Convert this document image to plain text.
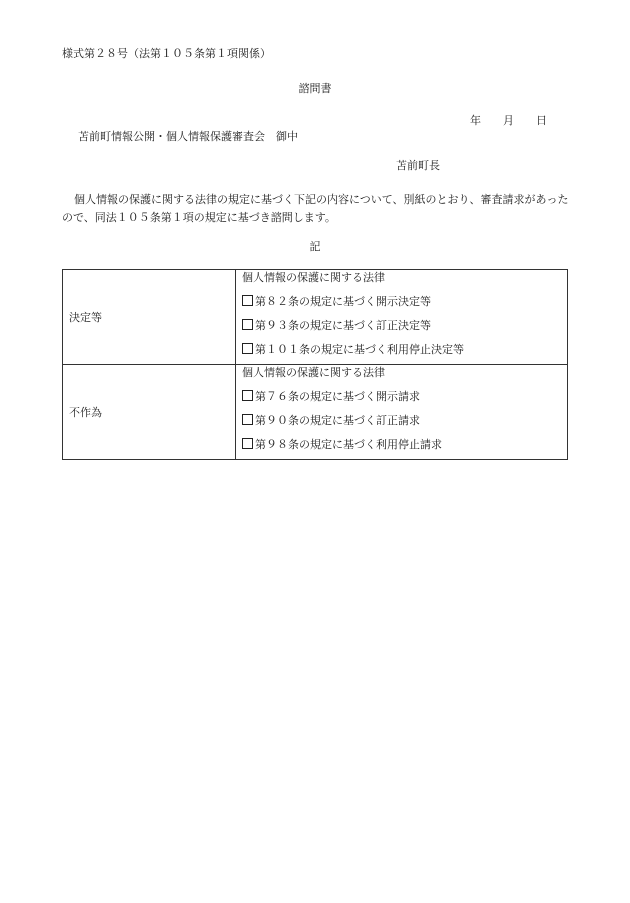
様式第２８号（法第１０５条第１項関係）
諮問書
年 月 日
苫前町情報公開・個人情報保護審査会　御中
苫前町長
個人情報の保護に関する法律の規定に基づく下記の内容について、別紙のとおり、審査請求があったので、同法１０５条第１項の規定に基づき諮問します。
記
決定等	個人情報の保護に関する法律
第８２条の規定に基づく開示決定等
第９３条の規定に基づく訂正決定等
第１０１条の規定に基づく利用停止決定等

不作為	個人情報の保護に関する法律
第７６条の規定に基づく開示請求
第９０条の規定に基づく訂正請求
第９８条の規定に基づく利用停止請求
